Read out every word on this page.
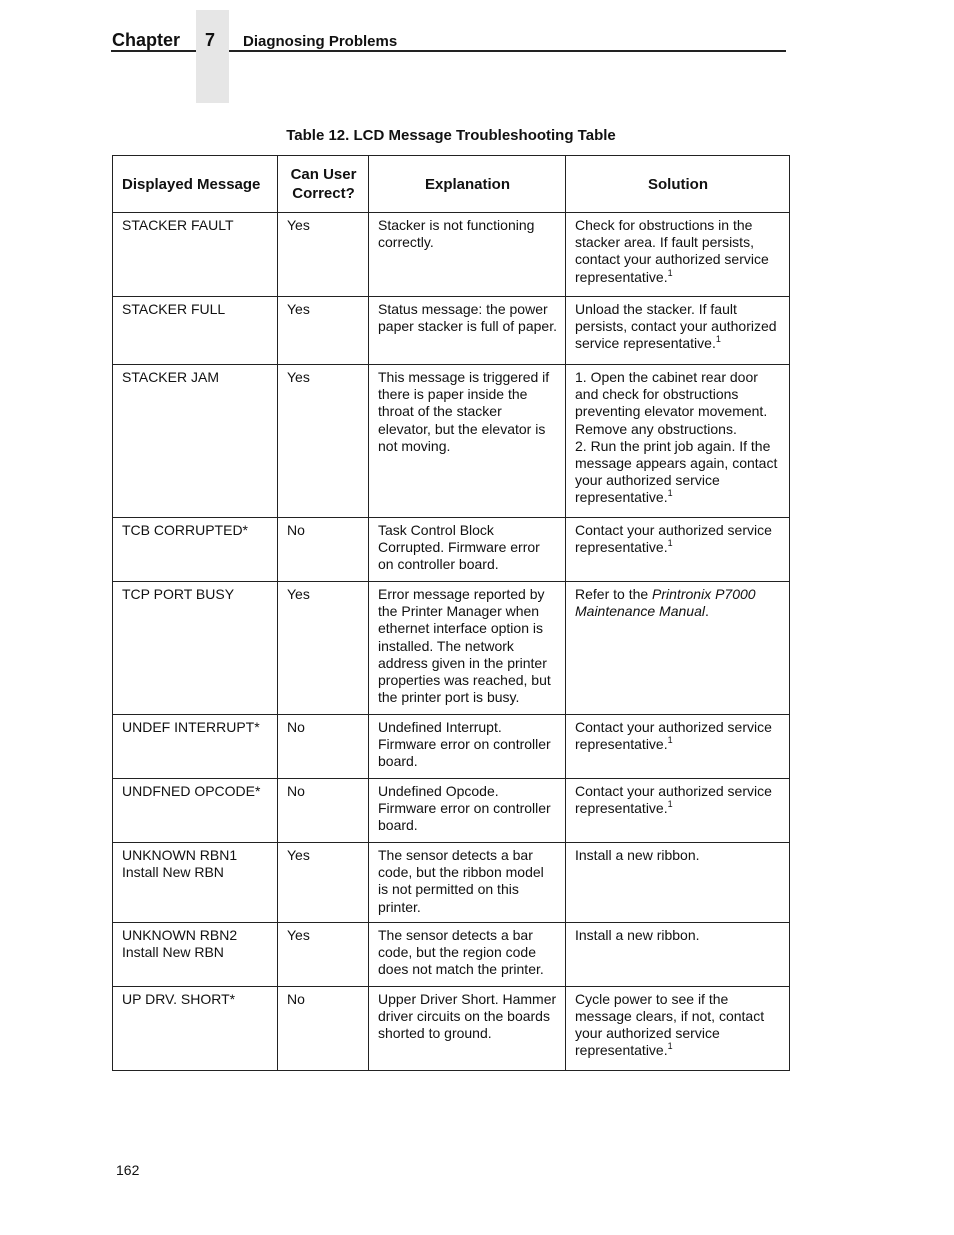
Chapter 7 Diagnosing Problems
Table 12. LCD Message Troubleshooting Table
Displayed Message	Can User Correct?	Explanation	Solution
STACKER FAULT	Yes	Stacker is not functioning correctly.	Check for obstructions in the stacker area. If fault persists, contact your authorized service representative.$^1$
STACKER FULL	Yes	Status message: the power paper stacker is full of paper.	Unload the stacker. If fault persists, contact your authorized service representative.$^1$
STACKER JAM	Yes	This message is triggered if there is paper inside the throat of the stacker elevator, but the elevator is not moving.	1. Open the cabinet rear door and check for obstructions preventing elevator movement. Remove any obstructions.
2. Run the print job again. If the message appears again, contact your authorized service representative.$^1$
TCB CORRUPTED*	No	Task Control Block Corrupted. Firmware error on controller board.	Contact your authorized service representative.$^1$
TCP PORT BUSY	Yes	Error message reported by the Printer Manager when ethernet interface option is installed. The network address given in the printer properties was reached, but the printer port is busy.	Refer to the Printronix P7000 Maintenance Manual.
UNDEF INTERRUPT*	No	Undefined Interrupt. Firmware error on controller board.	Contact your authorized service representative.$^1$
UNDFNED OPCODE*	No	Undefined Opcode. Firmware error on controller board.	Contact your authorized service representative.$^1$

UNKNOWN RBN1
Install New RBN	Yes	The sensor detects a bar code, but the ribbon model is not permitted on this printer.	Install a new ribbon.

UNKNOWN RBN2
Install New RBN	Yes	The sensor detects a bar code, but the region code does not match the printer.	Install a new ribbon.
UP DRV. SHORT*	No	Upper Driver Short. Hammer driver circuits on the boards shorted to ground.	Cycle power to see if the message clears, if not, contact your authorized service representative.$^1$
162
